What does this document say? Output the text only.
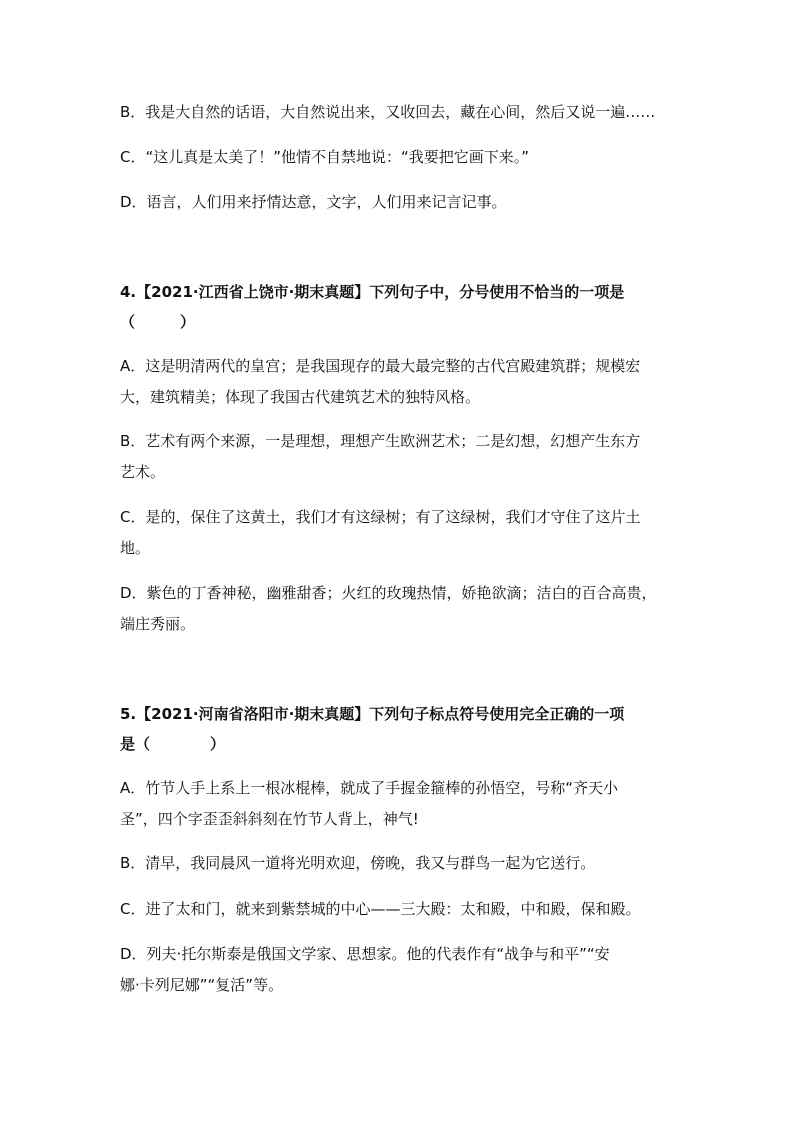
B．我是大自然的话语，大自然说出来，又收回去，藏在心间，然后又说一遍……
C．“这儿真是太美了！”他情不自禁地说：“我要把它画下来。”
D．语言，人们用来抒情达意，文字，人们用来记言记事。
4.【2021·江西省上饶市·期末真题】下列句子中，分号使用不恰当的一项是
（　　　）
A．这是明清两代的皇宫；是我国现存的最大最完整的古代宫殿建筑群；规模宏
大，建筑精美；体现了我国古代建筑艺术的独特风格。
B．艺术有两个来源，一是理想，理想产生欧洲艺术；二是幻想，幻想产生东方
艺术。
C．是的，保住了这黄土，我们才有这绿树；有了这绿树，我们才守住了这片土
地。
D．紫色的丁香神秘，幽雅甜香；火红的玫瑰热情，娇艳欲滴；洁白的百合高贵，
端庄秀丽。
5.【2021·河南省洛阳市·期末真题】下列句子标点符号使用完全正确的一项
是（　　　　）
A．竹节人手上系上一根冰棍棒，就成了手握金箍棒的孙悟空，号称“齐天小
圣”，四个字歪歪斜斜刻在竹节人背上，神气!
B．清早，我同晨风一道将光明欢迎，傍晚，我又与群鸟一起为它送行。
C．进了太和门，就来到紫禁城的中心——三大殿：太和殿，中和殿，保和殿。
D．列夫·托尔斯泰是俄国文学家、思想家。他的代表作有“战争与和平”“安
娜·卡列尼娜”“复活”等。
